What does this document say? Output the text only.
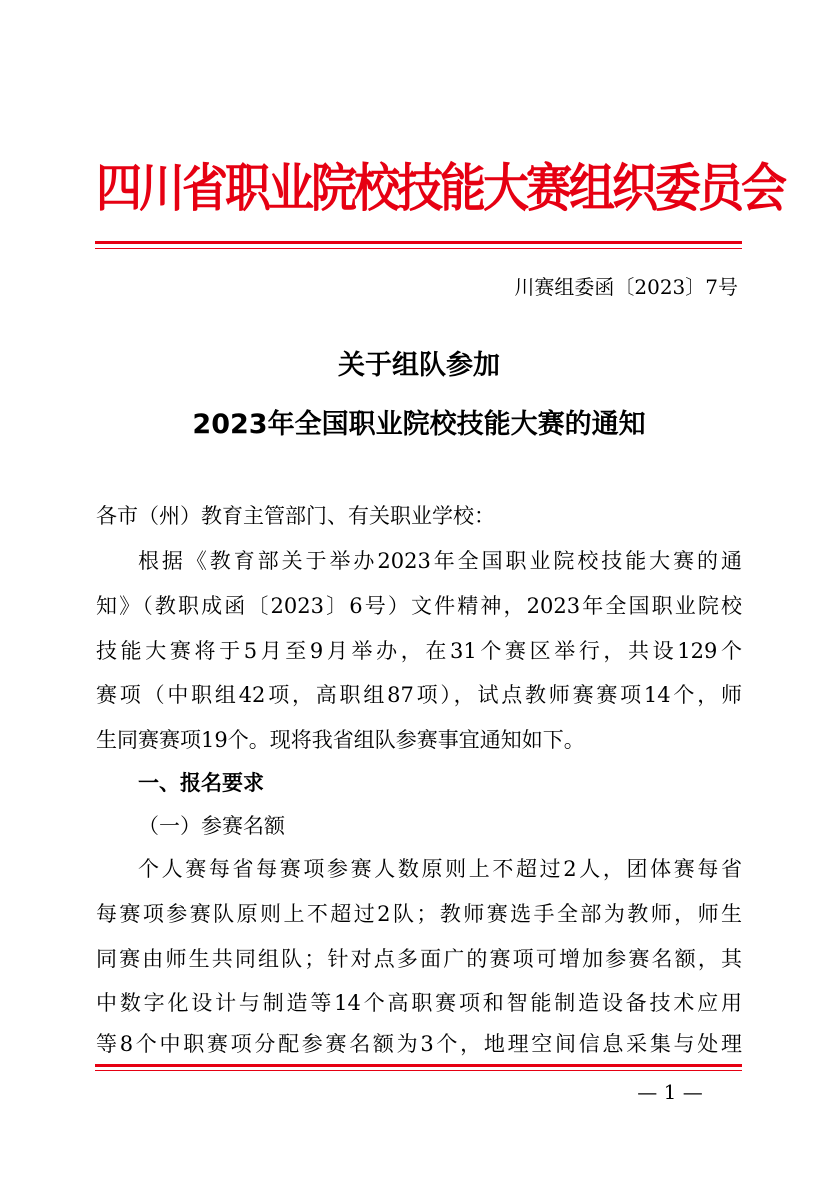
四川省职业院校技能大赛组织委员会
川赛组委函〔2023〕7号
关于组队参加
2023年全国职业院校技能大赛的通知
各市（州）教育主管部门、有关职业学校：
根据《教育部关于举办2023年全国职业院校技能大赛的通
知》（教职成函〔2023〕6号）文件精神，2023年全国职业院校
技能大赛将于5月至9月举办，在31个赛区举行，共设129个
赛项（中职组42项，高职组87项），试点教师赛赛项14个，师
生同赛赛项19个。现将我省组队参赛事宜通知如下。
一、报名要求
（一）参赛名额
个人赛每省每赛项参赛人数原则上不超过2人，团体赛每省
每赛项参赛队原则上不超过2队；教师赛选手全部为教师，师生
同赛由师生共同组队；针对点多面广的赛项可增加参赛名额，其
中数字化设计与制造等14个高职赛项和智能制造设备技术应用
等8个中职赛项分配参赛名额为3个，地理空间信息采集与处理
— 1 —
